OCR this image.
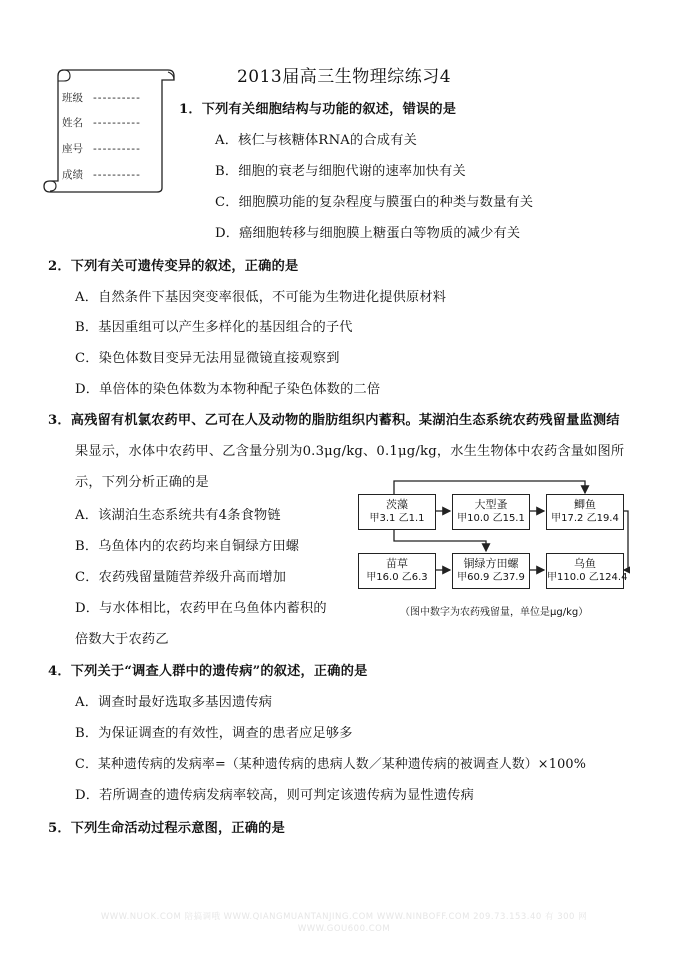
2013届高三生物理综练习4
班级 ----------
姓名 ----------
座号 ----------
成绩 ----------
1．下列有关细胞结构与功能的叙述，错误的是
A．核仁与核糖体RNA的合成有关
B．细胞的衰老与细胞代谢的速率加快有关
C．细胞膜功能的复杂程度与膜蛋白的种类与数量有关
D．癌细胞转移与细胞膜上糖蛋白等物质的减少有关
2．下列有关可遗传变异的叙述，正确的是
A．自然条件下基因突变率很低，不可能为生物进化提供原材料
B．基因重组可以产生多样化的基因组合的子代
C．染色体数目变异无法用显微镜直接观察到
D．单倍体的染色体数为本物种配子染色体数的二倍
3．高残留有机氯农药甲、乙可在人及动物的脂肪组织内蓄积。某湖泊生态系统农药残留量监测结
果显示，水体中农药甲、乙含量分别为0.3μg/kg、0.1μg/kg，水生生物体中农药含量如图所
示，下列分析正确的是
A．该湖泊生态系统共有4条食物链
B．乌鱼体内的农药均来自铜绿方田螺
C．农药残留量随营养级升高而增加
D．与水体相比，农药甲在乌鱼体内蓄积的
倍数大于农药乙
茨藻
甲3.1 乙1.1
大型蚤
甲10.0 乙15.1
鲫鱼
甲17.2 乙19.4
苗草
甲16.0 乙6.3
铜绿方田螺
甲60.9 乙37.9
乌鱼
甲110.0 乙124.4
（图中数字为农药残留量，单位是μg/kg）
4．下列关于“调查人群中的遗传病”的叙述，正确的是
A．调查时最好选取多基因遗传病
B．为保证调查的有效性，调查的患者应足够多
C．某种遗传病的发病率=（某种遗传病的患病人数／某种遗传病的被调查人数）×100%
D．若所调查的遗传病发病率较高，则可判定该遗传病为显性遗传病
5．下列生命活动过程示意图，正确的是
WWW.NUOK.COM 陪搞调哦 WWW.QIANGMUANTANJING.COM WWW.NINBOFF.COM 209.73.153.40 有 300 网
WWW.GOU600.COM
